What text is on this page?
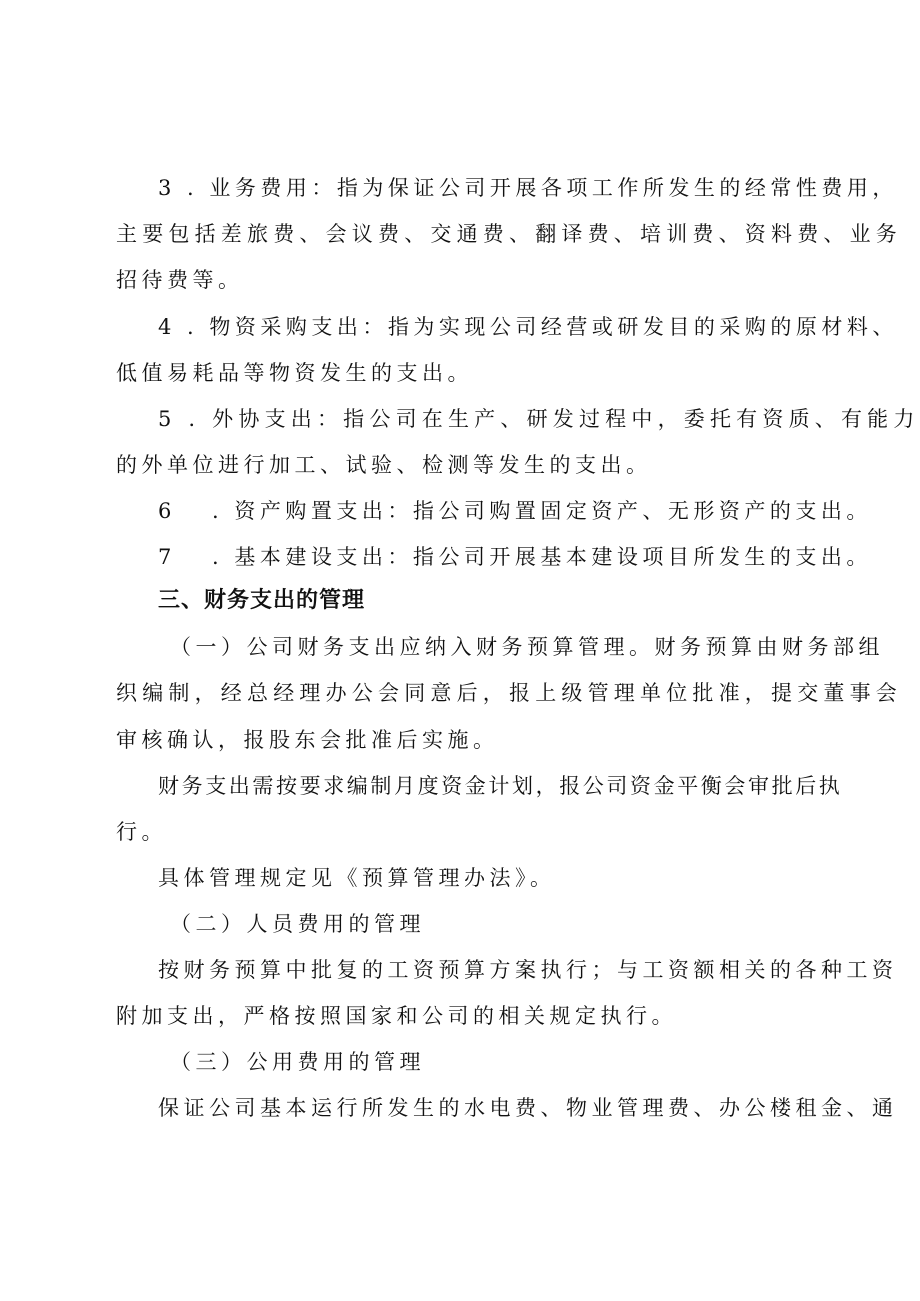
3 . 业务费用：指为保证公司开展各项工作所发生的经常性费用，
主要包括差旅费、会议费、交通费、翻译费、培训费、资料费、业务
招待费等。
4 . 物资采购支出：指为实现公司经营或研发目的采购的原材料、
低值易耗品等物资发生的支出。
5 . 外协支出：指公司在生产、研发过程中，委托有资质、有能力
的外单位进行加工、试验、检测等发生的支出。
6 . 资产购置支出：指公司购置固定资产、无形资产的支出。
7 . 基本建设支出：指公司开展基本建设项目所发生的支出。
三、财务支出的管理
（一）公司财务支出应纳入财务预算管理。财务预算由财务部组
织编制，经总经理办公会同意后，报上级管理单位批准，提交董事会
审核确认，报股东会批准后实施。
财务支出需按要求编制月度资金计划，报公司资金平衡会审批后执
行。
具体管理规定见《预算管理办法》。
（二）人员费用的管理
按财务预算中批复的工资预算方案执行；与工资额相关的各种工资
附加支出，严格按照国家和公司的相关规定执行。
（三）公用费用的管理
保证公司基本运行所发生的水电费、物业管理费、办公楼租金、通
